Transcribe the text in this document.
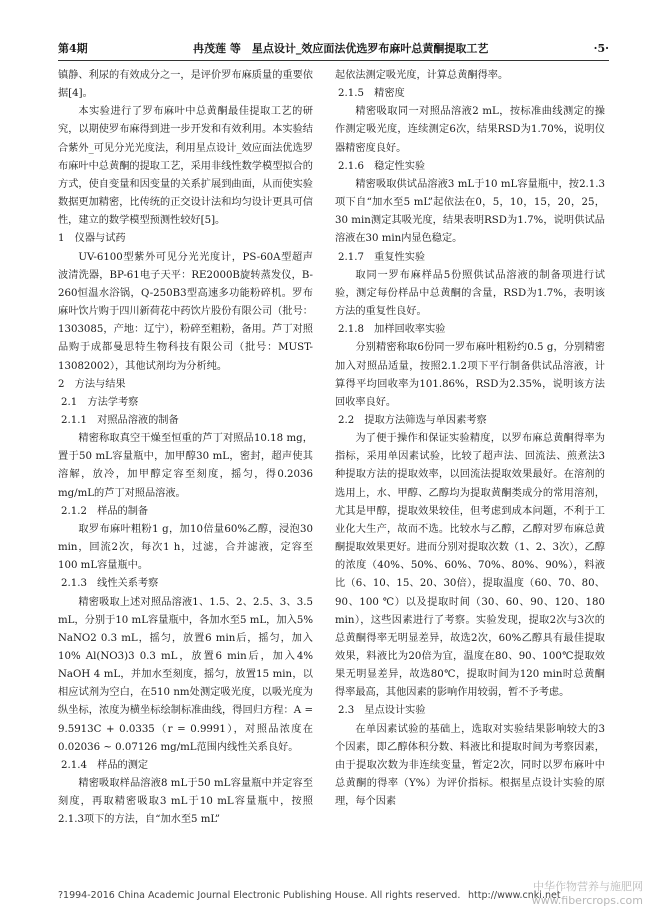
第4期	冉茂莲 等　星点设计_效应面法优选罗布麻叶总黄酮提取工艺	·5·

镇静、利尿的有效成分之一，是评价罗布麻质量的重要依据[4]。

本实验进行了罗布麻叶中总黄酮最佳提取工艺的研究，以期使罗布麻得到进一步开发和有效利用。本实验结合紫外_可见分光光度法，利用星点设计_效应面法优选罗布麻叶中总黄酮的提取工艺，采用非线性数学模型拟合的方式，使自变量和因变量的关系扩展到曲面，从而使实验数据更加精密，比传统的正交设计法和均匀设计更具可信性，建立的数学模型预测性较好[5]。

1　仪器与试药

UV-6100型紫外可见分光光度计，PS-60A型超声波清洗器，BP-61电子天平：RE2000B旋转蒸发仪，B-260恒温水浴锅，Q-250B3型高速多功能粉碎机。罗布麻叶饮片购于四川新荷花中药饮片股份有限公司（批号：1303085，产地：辽宁），粉碎至粗粉，备用。芦丁对照品购于成都曼思特生物科技有限公司（批号：MUST-13082002），其他试剂均为分析纯。

2　方法与结果

2.1　方法学考察

2.1.1　对照品溶液的制备

精密称取真空干燥至恒重的芦丁对照品10.18 mg，置于50 mL容量瓶中，加甲醇30 mL，密封，超声使其溶解，放冷，加甲醇定容至刻度，摇匀，得0.2036 mg/mL的芦丁对照品溶液。

2.1.2　样品的制备

取罗布麻叶粗粉1 g，加10倍量60%乙醇，浸泡30 min，回流2次，每次1 h，过滤，合并滤液，定容至100 mL容量瓶中。

2.1.3　线性关系考察

精密吸取上述对照品溶液1、1.5、2、2.5、3、3.5 mL，分别于10 mL容量瓶中，各加水至5 mL，加入5% NaNO2 0.3 mL，摇匀，放置6 min后，摇匀，加入10% Al(NO3)3 0.3 mL，放置6 min后，加入4% NaOH 4 mL，并加水至刻度，摇匀，放置15 min，以相应试剂为空白，在510 nm处测定吸光度，以吸光度为纵坐标，浓度为横坐标绘制标准曲线，得回归方程：A = 9.5913C + 0.0335（r = 0.9991），对照品浓度在0.02036 ~ 0.07126 mg/mL范围内线性关系良好。

2.1.4　样品的测定

精密吸取样品溶液8 mL于50 mL容量瓶中并定容至刻度，再取精密吸取3 mL于10 mL容量瓶中，按照2.1.3项下的方法，自“加水至5 mL”

起依法测定吸光度，计算总黄酮得率。

2.1.5　精密度

精密吸取同一对照品溶液2 mL，按标准曲线测定的操作测定吸光度，连续测定6次，结果RSD为1.70%，说明仪器精密度良好。

2.1.6　稳定性实验

精密吸取供试品溶液3 mL于10 mL容量瓶中，按2.1.3项下自“加水至5 mL”起依法在0，5，10，15，20，25，30 min测定其吸光度，结果表明RSD为1.7%，说明供试品溶液在30 min内显色稳定。

2.1.7　重复性实验

取同一罗布麻样品5份照供试品溶液的制备项进行试验，测定每份样品中总黄酮的含量，RSD为1.7%，表明该方法的重复性良好。

2.1.8　加样回收率实验

分别精密称取6份同一罗布麻叶粗粉约0.5 g，分别精密加入对照品适量，按照2.1.2项下平行制备供试品溶液，计算得平均回收率为101.86%，RSD为2.35%，说明该方法回收率良好。

2.2　提取方法筛选与单因素考察

为了便于操作和保证实验精度，以罗布麻总黄酮得率为指标，采用单因素试验，比较了超声法、回流法、煎煮法3种提取方法的提取效率，以回流法提取效果最好。在溶剂的选用上，水、甲醇、乙醇均为提取黄酮类成分的常用溶剂，尤其是甲醇，提取效果较佳，但考虑到成本问题，不利于工业化大生产，故而不选。比较水与乙醇，乙醇对罗布麻总黄酮提取效果更好。进而分别对提取次数（1、2、3次），乙醇的浓度（40%、50%、60%、70%、80%、90%），料液比（6、10、15、20、30倍），提取温度（60、70、80、90、100 ℃）以及提取时间（30、60、90、120、180 min），这些因素进行了考察。实验发现，提取2次与3次的总黄酮得率无明显差异，故选2次，60%乙醇具有最佳提取效果，料液比为20倍为宜，温度在80、90、100℃提取效果无明显差异，故选80℃，提取时间为120 min时总黄酮得率最高，其他因素的影响作用较弱，暂不予考虑。

2.3　星点设计实验

在单因素试验的基础上，选取对实验结果影响较大的3个因素，即乙醇体积分数、料液比和提取时间为考察因素，由于提取次数为非连续变量，暂定2次，同时以罗布麻叶中总黄酮的得率（Y%）为评价指标。根据星点设计实验的原理，每个因素

?1994-2016 China Academic Journal Electronic Publishing House. All rights reserved. http://www.cnki.net
中华作物营养与施肥网
www.fibercrops.com
